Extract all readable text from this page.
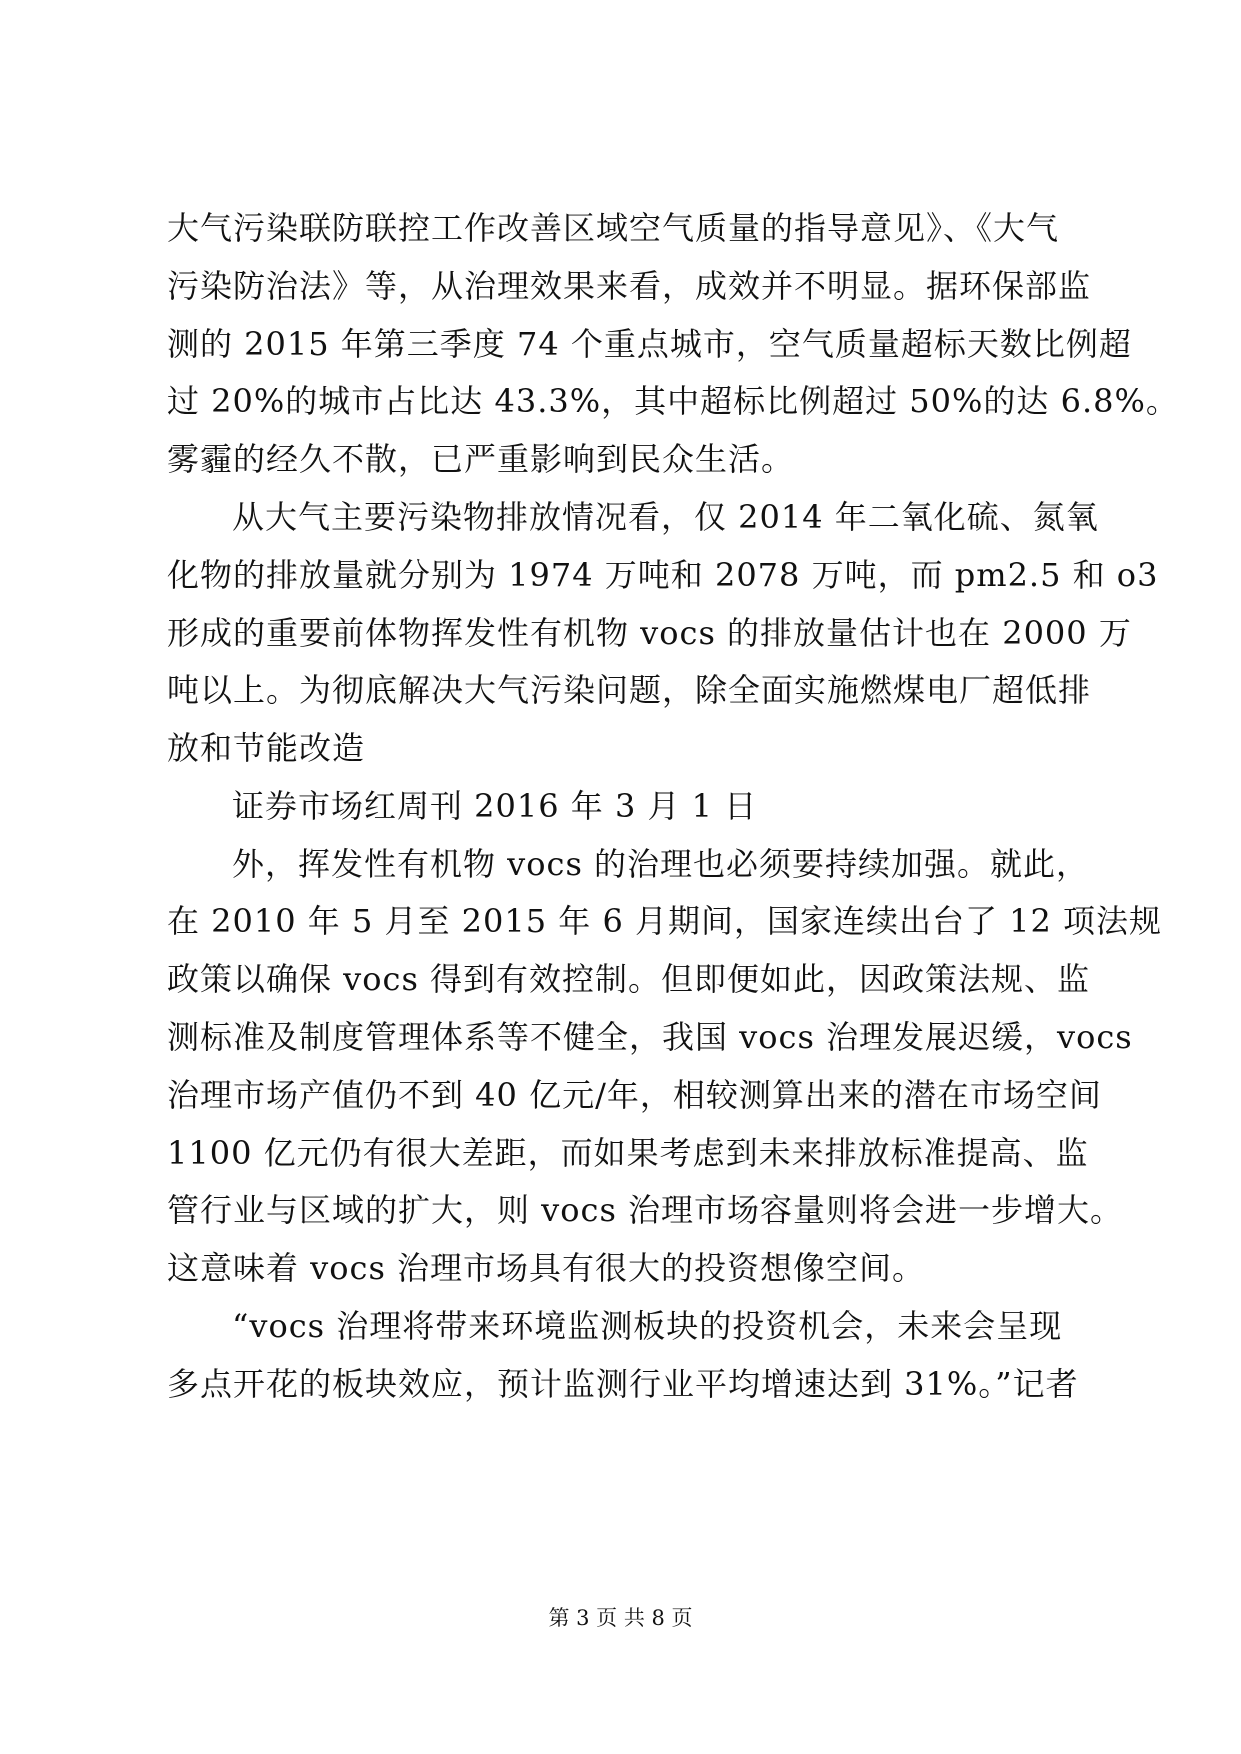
大气污染联防联控工作改善区域空气质量的指导意见》、《大气
污染防治法》等，从治理效果来看，成效并不明显。据环保部监
测的 2015 年第三季度 74 个重点城市，空气质量超标天数比例超
过 20%的城市占比达 43.3%，其中超标比例超过 50%的达 6.8%。
雾霾的经久不散，已严重影响到民众生活。
从大气主要污染物排放情况看，仅 2014 年二氧化硫、氮氧
化物的排放量就分别为 1974 万吨和 2078 万吨，而 pm2.5 和 o3
形成的重要前体物挥发性有机物 vocs 的排放量估计也在 2000 万
吨以上。为彻底解决大气污染问题，除全面实施燃煤电厂超低排
放和节能改造
证券市场红周刊 2016 年 3 月 1 日
外，挥发性有机物 vocs 的治理也必须要持续加强。就此，
在 2010 年 5 月至 2015 年 6 月期间，国家连续出台了 12 项法规
政策以确保 vocs 得到有效控制。但即便如此，因政策法规、监
测标准及制度管理体系等不健全，我国 vocs 治理发展迟缓，vocs
治理市场产值仍不到 40 亿元/年，相较测算出来的潜在市场空间
1100 亿元仍有很大差距，而如果考虑到未来排放标准提高、监
管行业与区域的扩大，则 vocs 治理市场容量则将会进一步增大。
这意味着 vocs 治理市场具有很大的投资想像空间。
“vocs 治理将带来环境监测板块的投资机会，未来会呈现
多点开花的板块效应，预计监测行业平均增速达到 31%。”记者
第 3 页 共 8 页
